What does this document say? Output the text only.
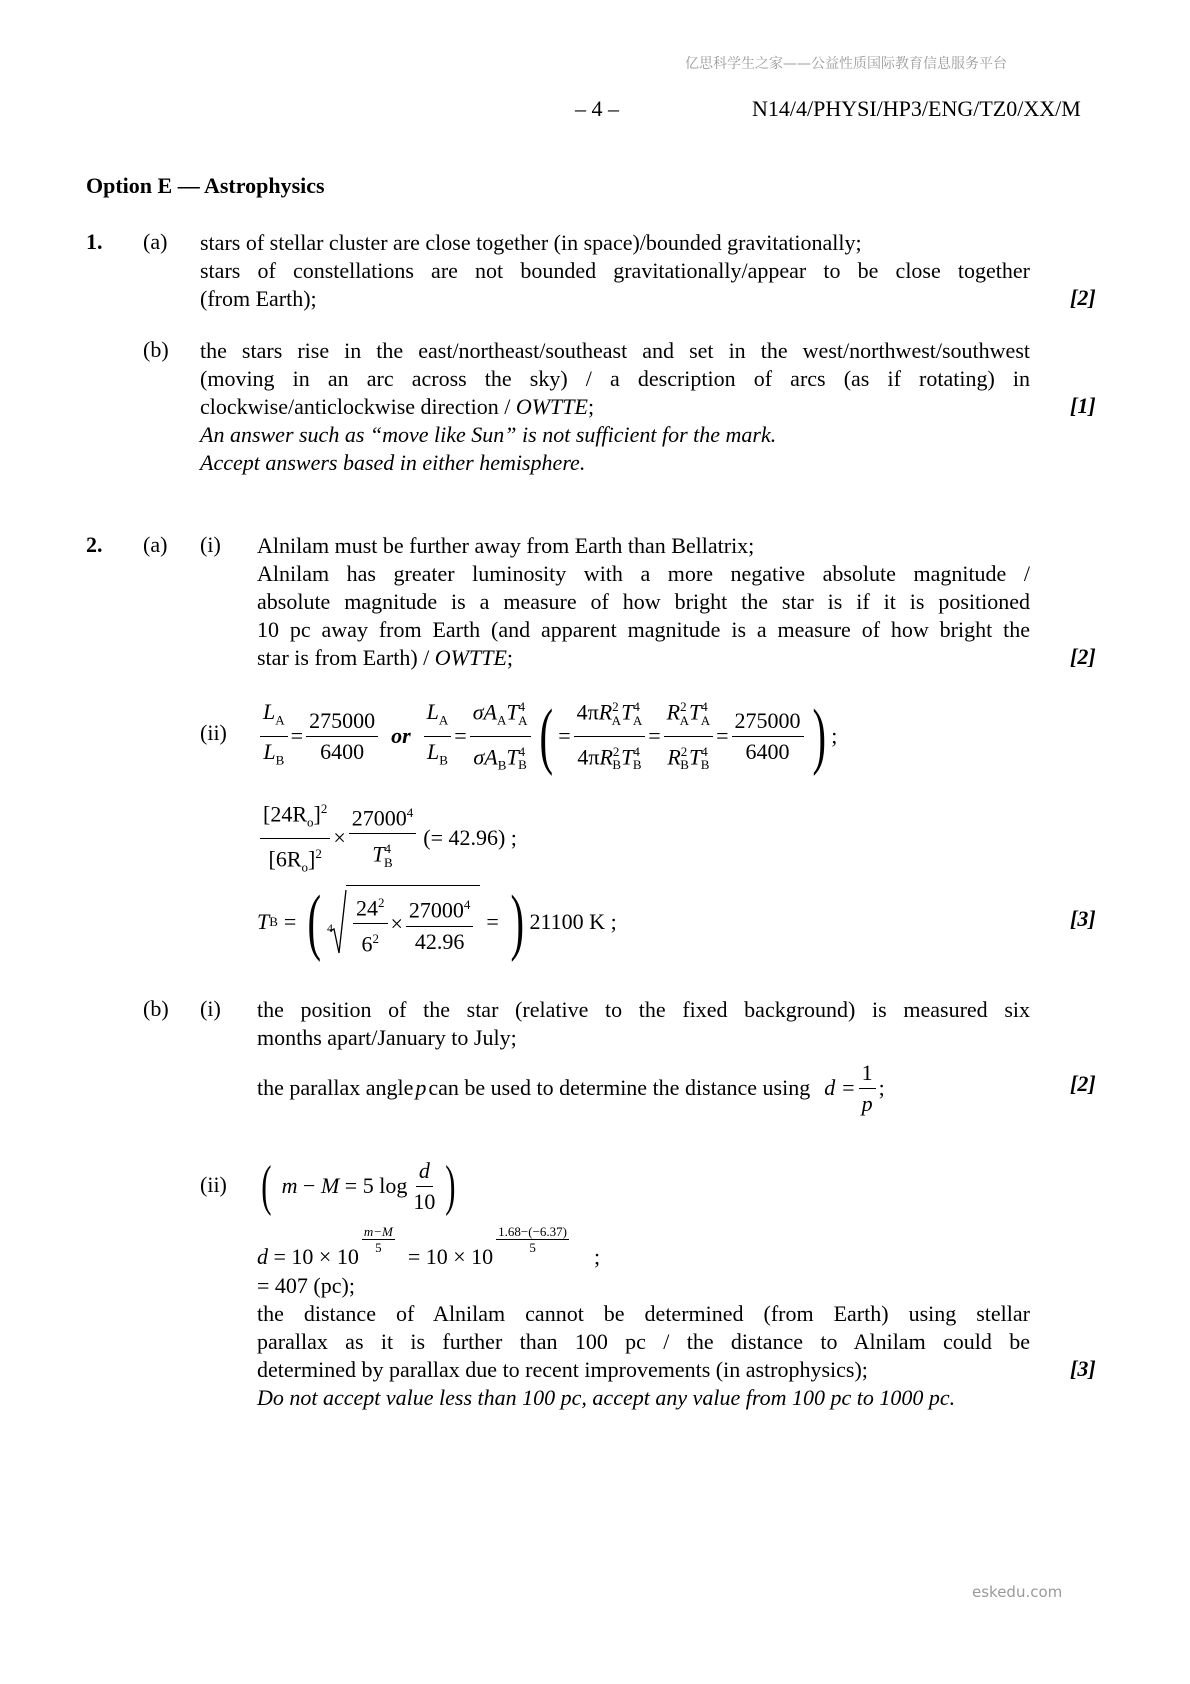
亿思科学生之家——公益性质国际教育信息服务平台
eskedu.com
– 4 –	N14/4/PHYSI/HP3/ENG/TZ0/XX/M
Option E — Astrophysics
1. (a) stars of stellar cluster are close together (in space)/bounded gravitationally;
stars of constellations are not bounded gravitationally/appear to be close together
(from Earth);	[2]
(b) the stars rise in the east/northeast/southeast and set in the west/northwest/southwest
(moving in an arc across the sky) / a description of arcs (as if rotating) in
clockwise/anticlockwise direction / OWTTE;
An answer such as “move like Sun” is not sufficient for the mark.
Accept answers based in either hemisphere.
[1]
2. (a) (i) Alnilam must be further away from Earth than Bellatrix;
Alnilam has greater luminosity with a more negative absolute magnitude /
absolute magnitude is a measure of how bright the star is if it is positioned
10 pc away from Earth (and apparent magnitude is a measure of how bright the
star is from Earth) / OWTTE;	[2]
$(ii) \frac{L_A}{L_B} = \frac{275000}{6400}$ or $\frac{L_A}{L_B} = \frac{\sigma A_AT^4_A}{\sigma A_BT^4_B}$ ( = $\frac{4\pi R^2_AT^4_A}{4\pi R^2_BT^4_B} = \frac{R^2_AT^4_A}{R^2_BT^4_B} = \frac{275000}{6400}$ ) ;
$\frac{[24R_o]^2}{[6R_o]^2} \times \frac{27000^4}{T^4_B}$ (= 42.96) ;
T B = ( $4 \frac{24^2}{6^2} \times \frac{27000^4}{42.96}$ = ) 21100 K ;	[3]
(b) (i) the position of the star (relative to the fixed background) is measured six
months apart/January to July;
the parallax angle p can be used to determine the distance using $d = \frac{1}{p}$ ;	[2]
(ii) ( m − M = 5 $\log \frac{d}{10}$ )
d = 10 × 10
$\frac{m-M}{5}$
= 10 × 10
$\frac{1.68-(-6.37)}{5}$
;
= 407 (pc);
the distance of Alnilam cannot be determined (from Earth) using stellar
parallax as it is further than 100 pc / the distance to Alnilam could be
determined by parallax due to recent improvements (in astrophysics);
Do not accept value less than 100 pc, accept any value from 100 pc to 1000 pc.
[3]
